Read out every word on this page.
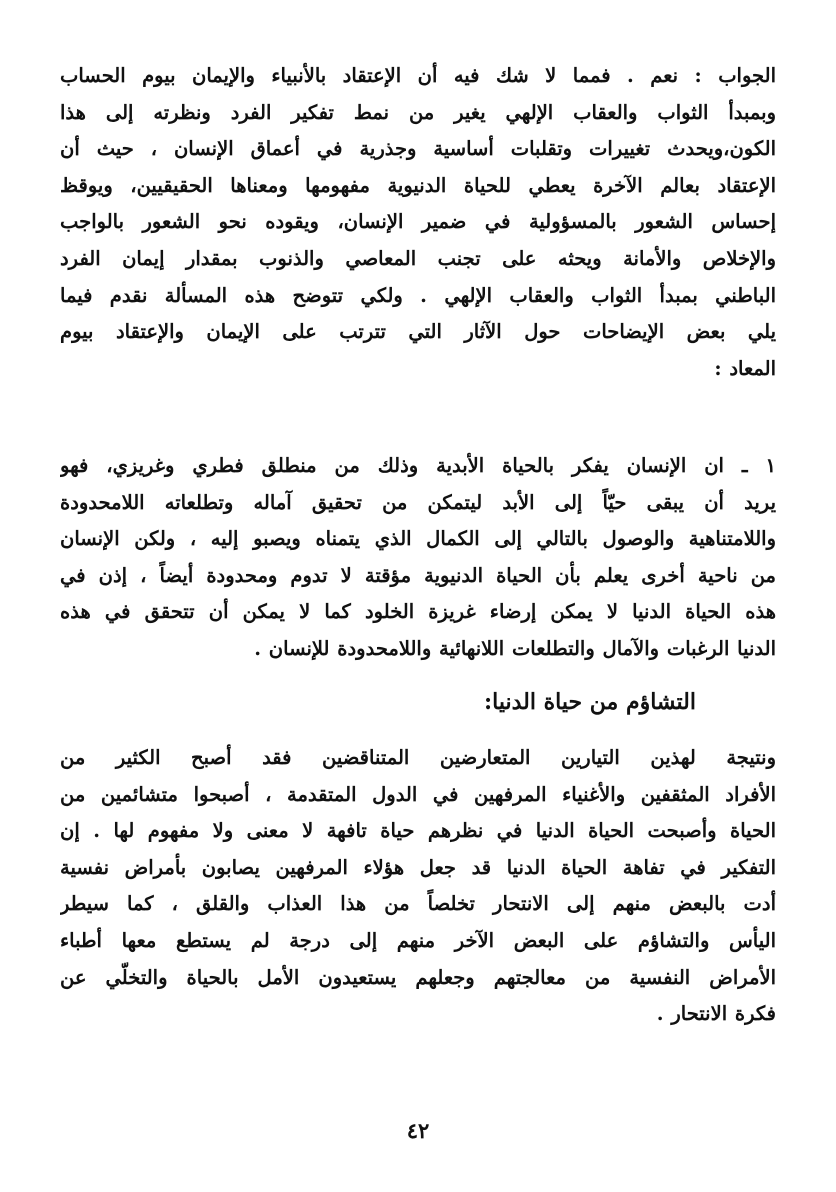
الجواب : نعم . فمما لا شك فيه أن الإعتقاد بالأنبياء والإيمان بيوم الحساب
وبمبدأ الثواب والعقاب الإلهي يغير من نمط تفكير الفرد ونظرته إلى هذا
الكون،ويحدث تغييرات وتقلبات أساسية وجذرية في أعماق الإنسان ، حيث أن
الإعتقاد بعالم الآخرة يعطي للحياة الدنيوية مفهومها ومعناها الحقيقيين، ويوقظ
إحساس الشعور بالمسؤولية في ضمير الإنسان، ويقوده نحو الشعور بالواجب
والإخلاص والأمانة ويحثه على تجنب المعاصي والذنوب بمقدار إيمان الفرد
الباطني بمبدأ الثواب والعقاب الإلهي . ولكي تتوضح هذه المسألة نقدم فيما
يلي بعض الإيضاحات حول الآثار التي تترتب على الإيمان والإعتقاد بيوم
المعاد :
١ ـ ان الإنسان يفكر بالحياة الأبدية وذلك من منطلق فطري وغريزي، فهو
يريد أن يبقى حيّاً إلى الأبد ليتمكن من تحقيق آماله وتطلعاته اللامحدودة
واللامتناهية والوصول بالتالي إلى الكمال الذي يتمناه ويصبو إليه ، ولكن الإنسان
من ناحية أخرى يعلم بأن الحياة الدنيوية مؤقتة لا تدوم ومحدودة أيضاً ، إذن في
هذه الحياة الدنيا لا يمكن إرضاء غريزة الخلود كما لا يمكن أن تتحقق في هذه
الدنيا الرغبات والآمال والتطلعات اللانهائية واللامحدودة للإنسان .
التشاؤم من حياة الدنيا:
ونتيجة لهذين التيارين المتعارضين المتناقضين فقد أصبح الكثير من
الأفراد المثقفين والأغنياء المرفهين في الدول المتقدمة ، أصبحوا متشائمين من
الحياة وأصبحت الحياة الدنيا في نظرهم حياة تافهة لا معنى ولا مفهوم لها . إن
التفكير في تفاهة الحياة الدنيا قد جعل هؤلاء المرفهين يصابون بأمراض نفسية
أدت بالبعض منهم إلى الانتحار تخلصاً من هذا العذاب والقلق ، كما سيطر
اليأس والتشاؤم على البعض الآخر منهم إلى درجة لم يستطع معها أطباء
الأمراض النفسية من معالجتهم وجعلهم يستعيدون الأمل بالحياة والتخلّي عن
فكرة الانتحار .
٤٢
